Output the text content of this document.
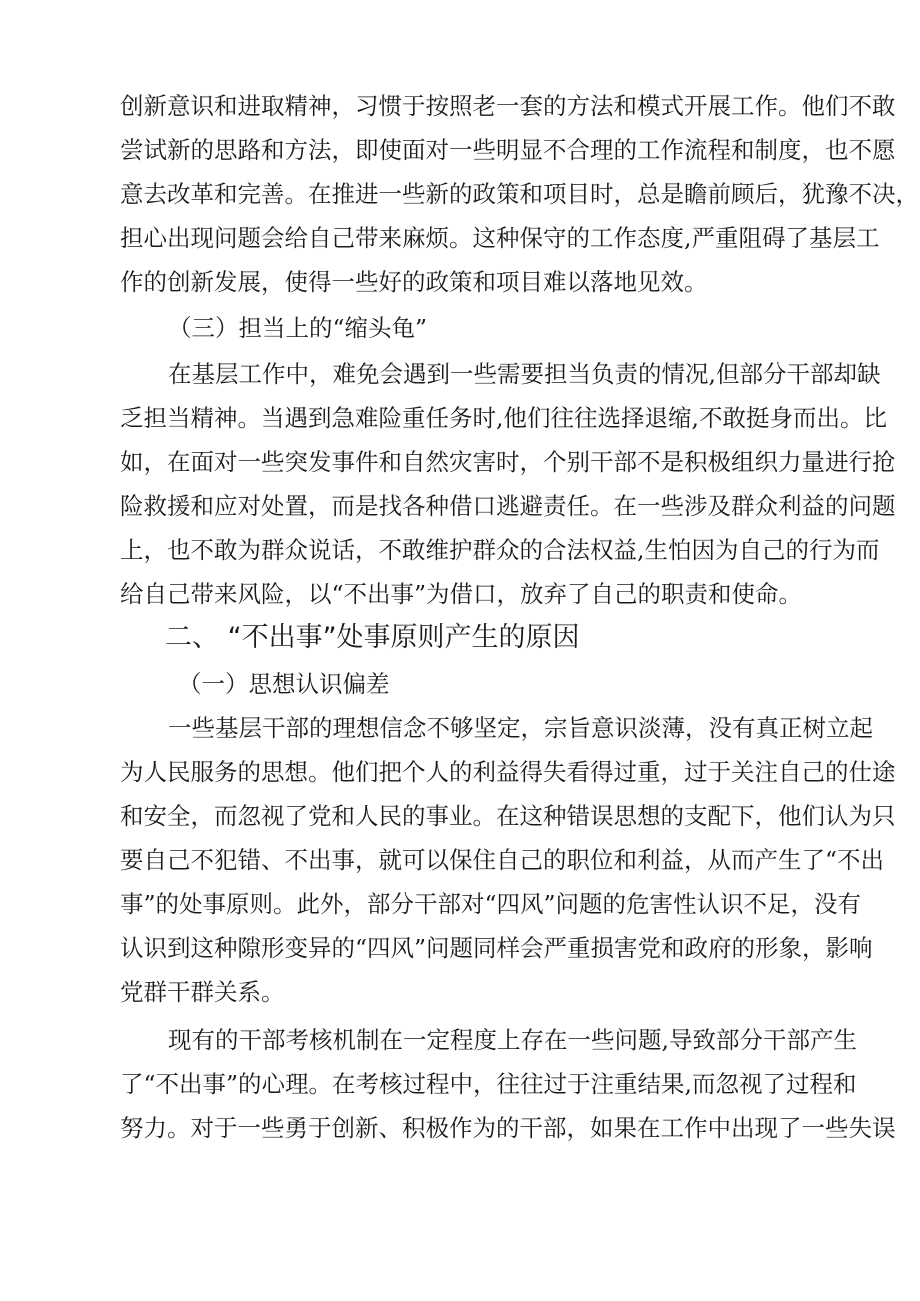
创新意识和进取精神，习惯于按照老一套的方法和模式开展工作。他们不敢

尝试新的思路和方法，即使面对一些明显不合理的工作流程和制度，也不愿

意去改革和完善。在推进一些新的政策和项目时，总是瞻前顾后，犹豫不决，

担心出现问题会给自己带来麻烦。这种保守的工作态度,严重阻碍了基层工

作的创新发展，使得一些好的政策和项目难以落地见效。

（三）担当上的“缩头龟”

在基层工作中，难免会遇到一些需要担当负责的情况,但部分干部却缺

乏担当精神。当遇到急难险重任务时,他们往往选择退缩,不敢挺身而出。比

如，在面对一些突发事件和自然灾害时，个别干部不是积极组织力量进行抢

险救援和应对处置，而是找各种借口逃避责任。在一些涉及群众利益的问题

上，也不敢为群众说话，不敢维护群众的合法权益,生怕因为自己的行为而

给自己带来风险，以“不出事”为借口，放弃了自己的职责和使命。

二、 “不出事”处事原则产生的原因

（一）思想认识偏差

一些基层干部的理想信念不够坚定，宗旨意识淡薄，没有真正树立起

为人民服务的思想。他们把个人的利益得失看得过重，过于关注自己的仕途

和安全，而忽视了党和人民的事业。在这种错误思想的支配下，他们认为只

要自己不犯错、不出事，就可以保住自己的职位和利益，从而产生了“不出

事”的处事原则。此外，部分干部对“四风”问题的危害性认识不足，没有

认识到这种隙形变异的“四风”问题同样会严重损害党和政府的形象，影响

党群干群关系。

现有的干部考核机制在一定程度上存在一些问题,导致部分干部产生

了“不出事”的心理。在考核过程中，往往过于注重结果,而忽视了过程和

努力。对于一些勇于创新、积极作为的干部，如果在工作中出现了一些失误
